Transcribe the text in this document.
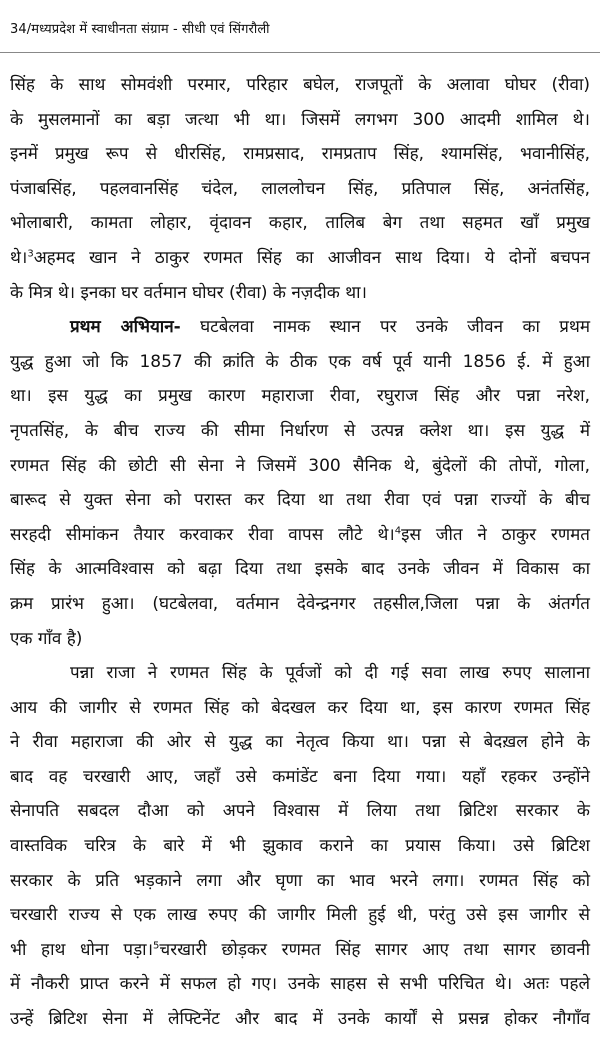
34/मध्यप्रदेश में स्वाधीनता संग्राम - सीधी एवं सिंगरौली
सिंह के साथ सोमवंशी परमार, परिहार बघेल, राजपूतों के अलावा घोघर (रीवा)
के मुसलमानों का बड़ा जत्था भी था। जिसमें लगभग 300 आदमी शामिल थे।
इनमें प्रमुख रूप से धीरसिंह, रामप्रसाद, रामप्रताप सिंह, श्यामसिंह, भवानीसिंह,
पंजाबसिंह, पहलवानसिंह चंदेल, लाललोचन सिंह, प्रतिपाल सिंह, अनंतसिंह,
भोलाबारी, कामता लोहार, वृंदावन कहार, तालिब बेग तथा सहमत खाँ प्रमुख
थे।$^3$अहमद खान ने ठाकुर रणमत सिंह का आजीवन साथ दिया। ये दोनों बचपन
के मित्र थे। इनका घर वर्तमान घोघर (रीवा) के नज़दीक था।
प्रथम अभियान- घटबेलवा नामक स्थान पर उनके जीवन का प्रथम
युद्ध हुआ जो कि 1857 की क्रांति के ठीक एक वर्ष पूर्व यानी 1856 ई. में हुआ
था। इस युद्ध का प्रमुख कारण महाराजा रीवा, रघुराज सिंह और पन्ना नरेश,
नृपतसिंह, के बीच राज्य की सीमा निर्धारण से उत्पन्न क्लेश था। इस युद्ध में
रणमत सिंह की छोटी सी सेना ने जिसमें 300 सैनिक थे, बुंदेलों की तोपों, गोला,
बारूद से युक्त सेना को परास्त कर दिया था तथा रीवा एवं पन्ना राज्यों के बीच
सरहदी सीमांकन तैयार करवाकर रीवा वापस लौटे थे।$^4$इस जीत ने ठाकुर रणमत
सिंह के आत्मविश्वास को बढ़ा दिया तथा इसके बाद उनके जीवन में विकास का
क्रम प्रारंभ हुआ। (घटबेलवा, वर्तमान देवेन्द्रनगर तहसील,जिला पन्ना के अंतर्गत
एक गाँव है)
पन्ना राजा ने रणमत सिंह के पूर्वजों को दी गई सवा लाख रुपए सालाना
आय की जागीर से रणमत सिंह को बेदखल कर दिया था, इस कारण रणमत सिंह
ने रीवा महाराजा की ओर से युद्ध का नेतृत्व किया था। पन्ना से बेदख़ल होने के
बाद वह चरखारी आए, जहाँ उसे कमांडेंट बना दिया गया। यहाँ रहकर उन्होंने
सेनापति सबदल दौआ को अपने विश्वास में लिया तथा ब्रिटिश सरकार के
वास्तविक चरित्र के बारे में भी झुकाव कराने का प्रयास किया। उसे ब्रिटिश
सरकार के प्रति भड़काने लगा और घृणा का भाव भरने लगा। रणमत सिंह को
चरखारी राज्य से एक लाख रुपए की जागीर मिली हुई थी, परंतु उसे इस जागीर से
भी हाथ धोना पड़ा।$^5$चरखारी छोड़कर रणमत सिंह सागर आए तथा सागर छावनी
में नौकरी प्राप्त करने में सफल हो गए। उनके साहस से सभी परिचित थे। अतः पहले
उन्हें ब्रिटिश सेना में लेफ्टिनेंट और बाद में उनके कार्यों से प्रसन्न होकर नौगाँव
